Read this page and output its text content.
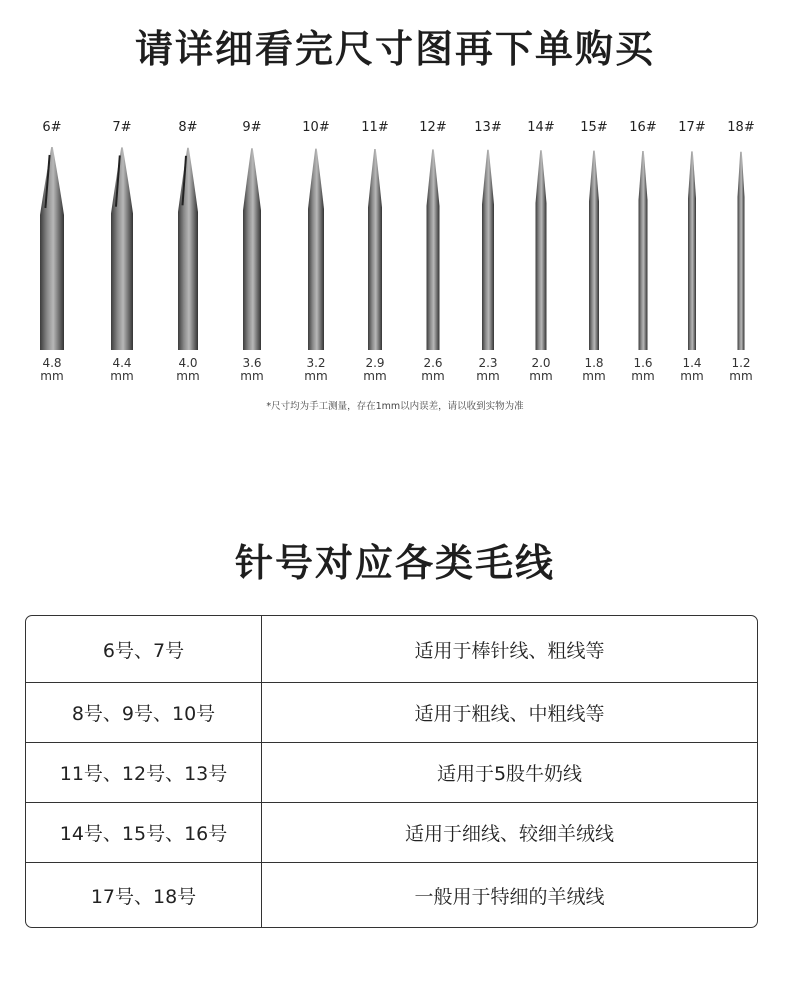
请详细看完尺寸图再下单购买
6#
4.8
mm
7#
4.4
mm
8#
4.0
mm
9#
3.6
mm
10#
3.2
mm
11#
2.9
mm
12#
2.6
mm
13#
2.3
mm
14#
2.0
mm
15#
1.8
mm
16#
1.6
mm
17#
1.4
mm
18#
1.2
mm
*尺寸均为手工测量，存在1mm以内误差，请以收到实物为准
针号对应各类毛线
6号、7号	适用于棒针线、粗线等
8号、9号、10号	适用于粗线、中粗线等
11号、12号、13号	适用于5股牛奶线
14号、15号、16号	适用于细线、较细羊绒线
17号、18号	一般用于特细的羊绒线
